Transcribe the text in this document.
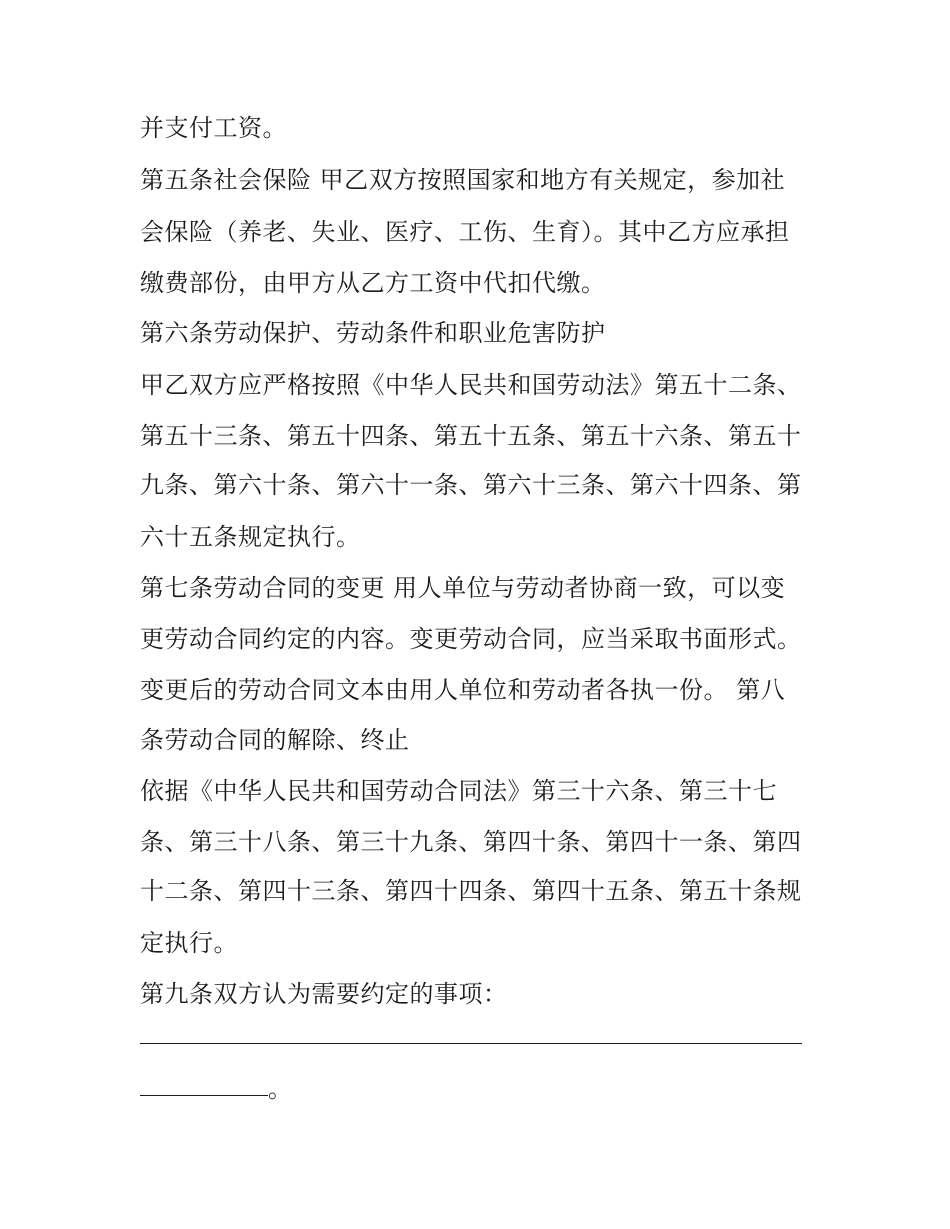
并支付工资。
第五条社会保险 甲乙双方按照国家和地方有关规定，参加社
会保险（养老、失业、医疗、工伤、生育）。其中乙方应承担
缴费部份，由甲方从乙方工资中代扣代缴。
第六条劳动保护、劳动条件和职业危害防护
甲乙双方应严格按照《中华人民共和国劳动法》第五十二条、
第五十三条、第五十四条、第五十五条、第五十六条、第五十
九条、第六十条、第六十一条、第六十三条、第六十四条、第
六十五条规定执行。
第七条劳动合同的变更 用人单位与劳动者协商一致，可以变
更劳动合同约定的内容。变更劳动合同，应当采取书面形式。
变更后的劳动合同文本由用人单位和劳动者各执一份。 第八
条劳动合同的解除、终止
依据《中华人民共和国劳动合同法》第三十六条、第三十七
条、第三十八条、第三十九条、第四十条、第四十一条、第四
十二条、第四十三条、第四十四条、第四十五条、第五十条规
定执行。
第九条双方认为需要约定的事项：
。
